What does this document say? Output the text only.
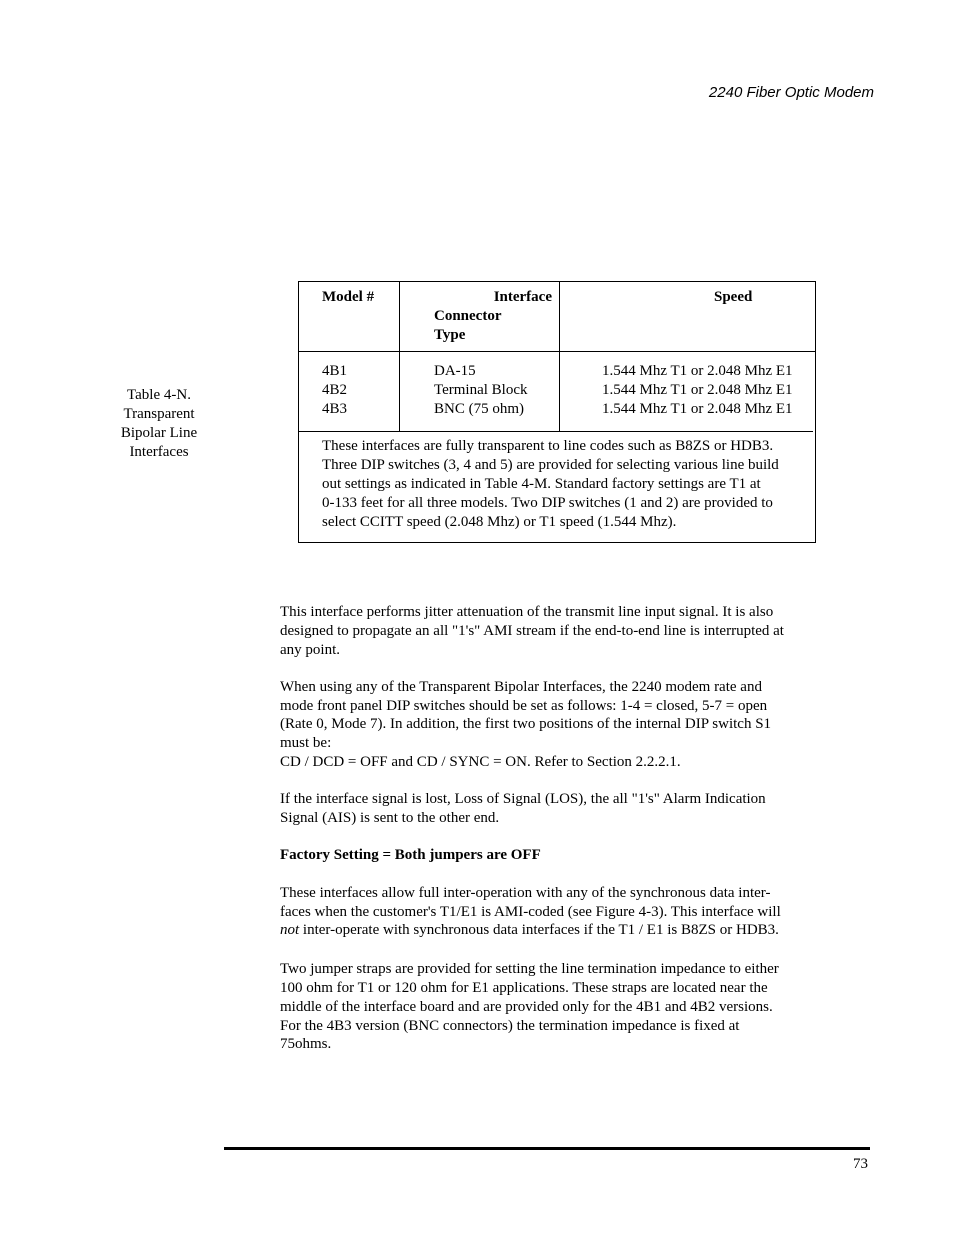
2240 Fiber Optic Modem
Table 4-N.
Transparent
Bipolar Line
Interfaces
Model #	Interface
Connector
Type
Speed
4B1
4B2
4B3
DA-15
Terminal Block
BNC (75 ohm)
1.544 Mhz T1 or 2.048 Mhz E1
1.544 Mhz T1 or 2.048 Mhz E1
1.544 Mhz T1 or 2.048 Mhz E1
These interfaces are fully transparent to line codes such as B8ZS or HDB3.
Three DIP switches (3, 4 and 5) are provided for selecting various line build
out settings as indicated in Table 4-M. Standard factory settings are T1 at
0-133 feet for all three models. Two DIP switches (1 and 2) are provided to
select CCITT speed (2.048 Mhz) or T1 speed (1.544 Mhz).

This interface performs jitter attenuation of the transmit line input signal. It is also
designed to propagate an all "1's" AMI stream if the end-to-end line is interrupted at
any point.

When using any of the Transparent Bipolar Interfaces, the 2240 modem rate and
mode front panel DIP switches should be set as follows: 1-4 = closed, 5-7 = open
(Rate 0, Mode 7). In addition, the first two positions of the internal DIP switch S1
must be:
CD / DCD = OFF and CD / SYNC = ON. Refer to Section 2.2.2.1.

If the interface signal is lost, Loss of Signal (LOS), the all "1's" Alarm Indication
Signal (AIS) is sent to the other end.

Factory Setting = Both jumpers are OFF

These interfaces allow full inter-operation with any of the synchronous data inter-
faces when the customer's T1/E1 is AMI-coded (see Figure 4-3). This interface will
not inter-operate with synchronous data interfaces if the T1 / E1 is B8ZS or HDB3.

Two jumper straps are provided for setting the line termination impedance to either
100 ohm for T1 or 120 ohm for E1 applications. These straps are located near the
middle of the interface board and are provided only for the 4B1 and 4B2 versions.
For the 4B3 version (BNC connectors) the termination impedance is fixed at
75ohms.

73
